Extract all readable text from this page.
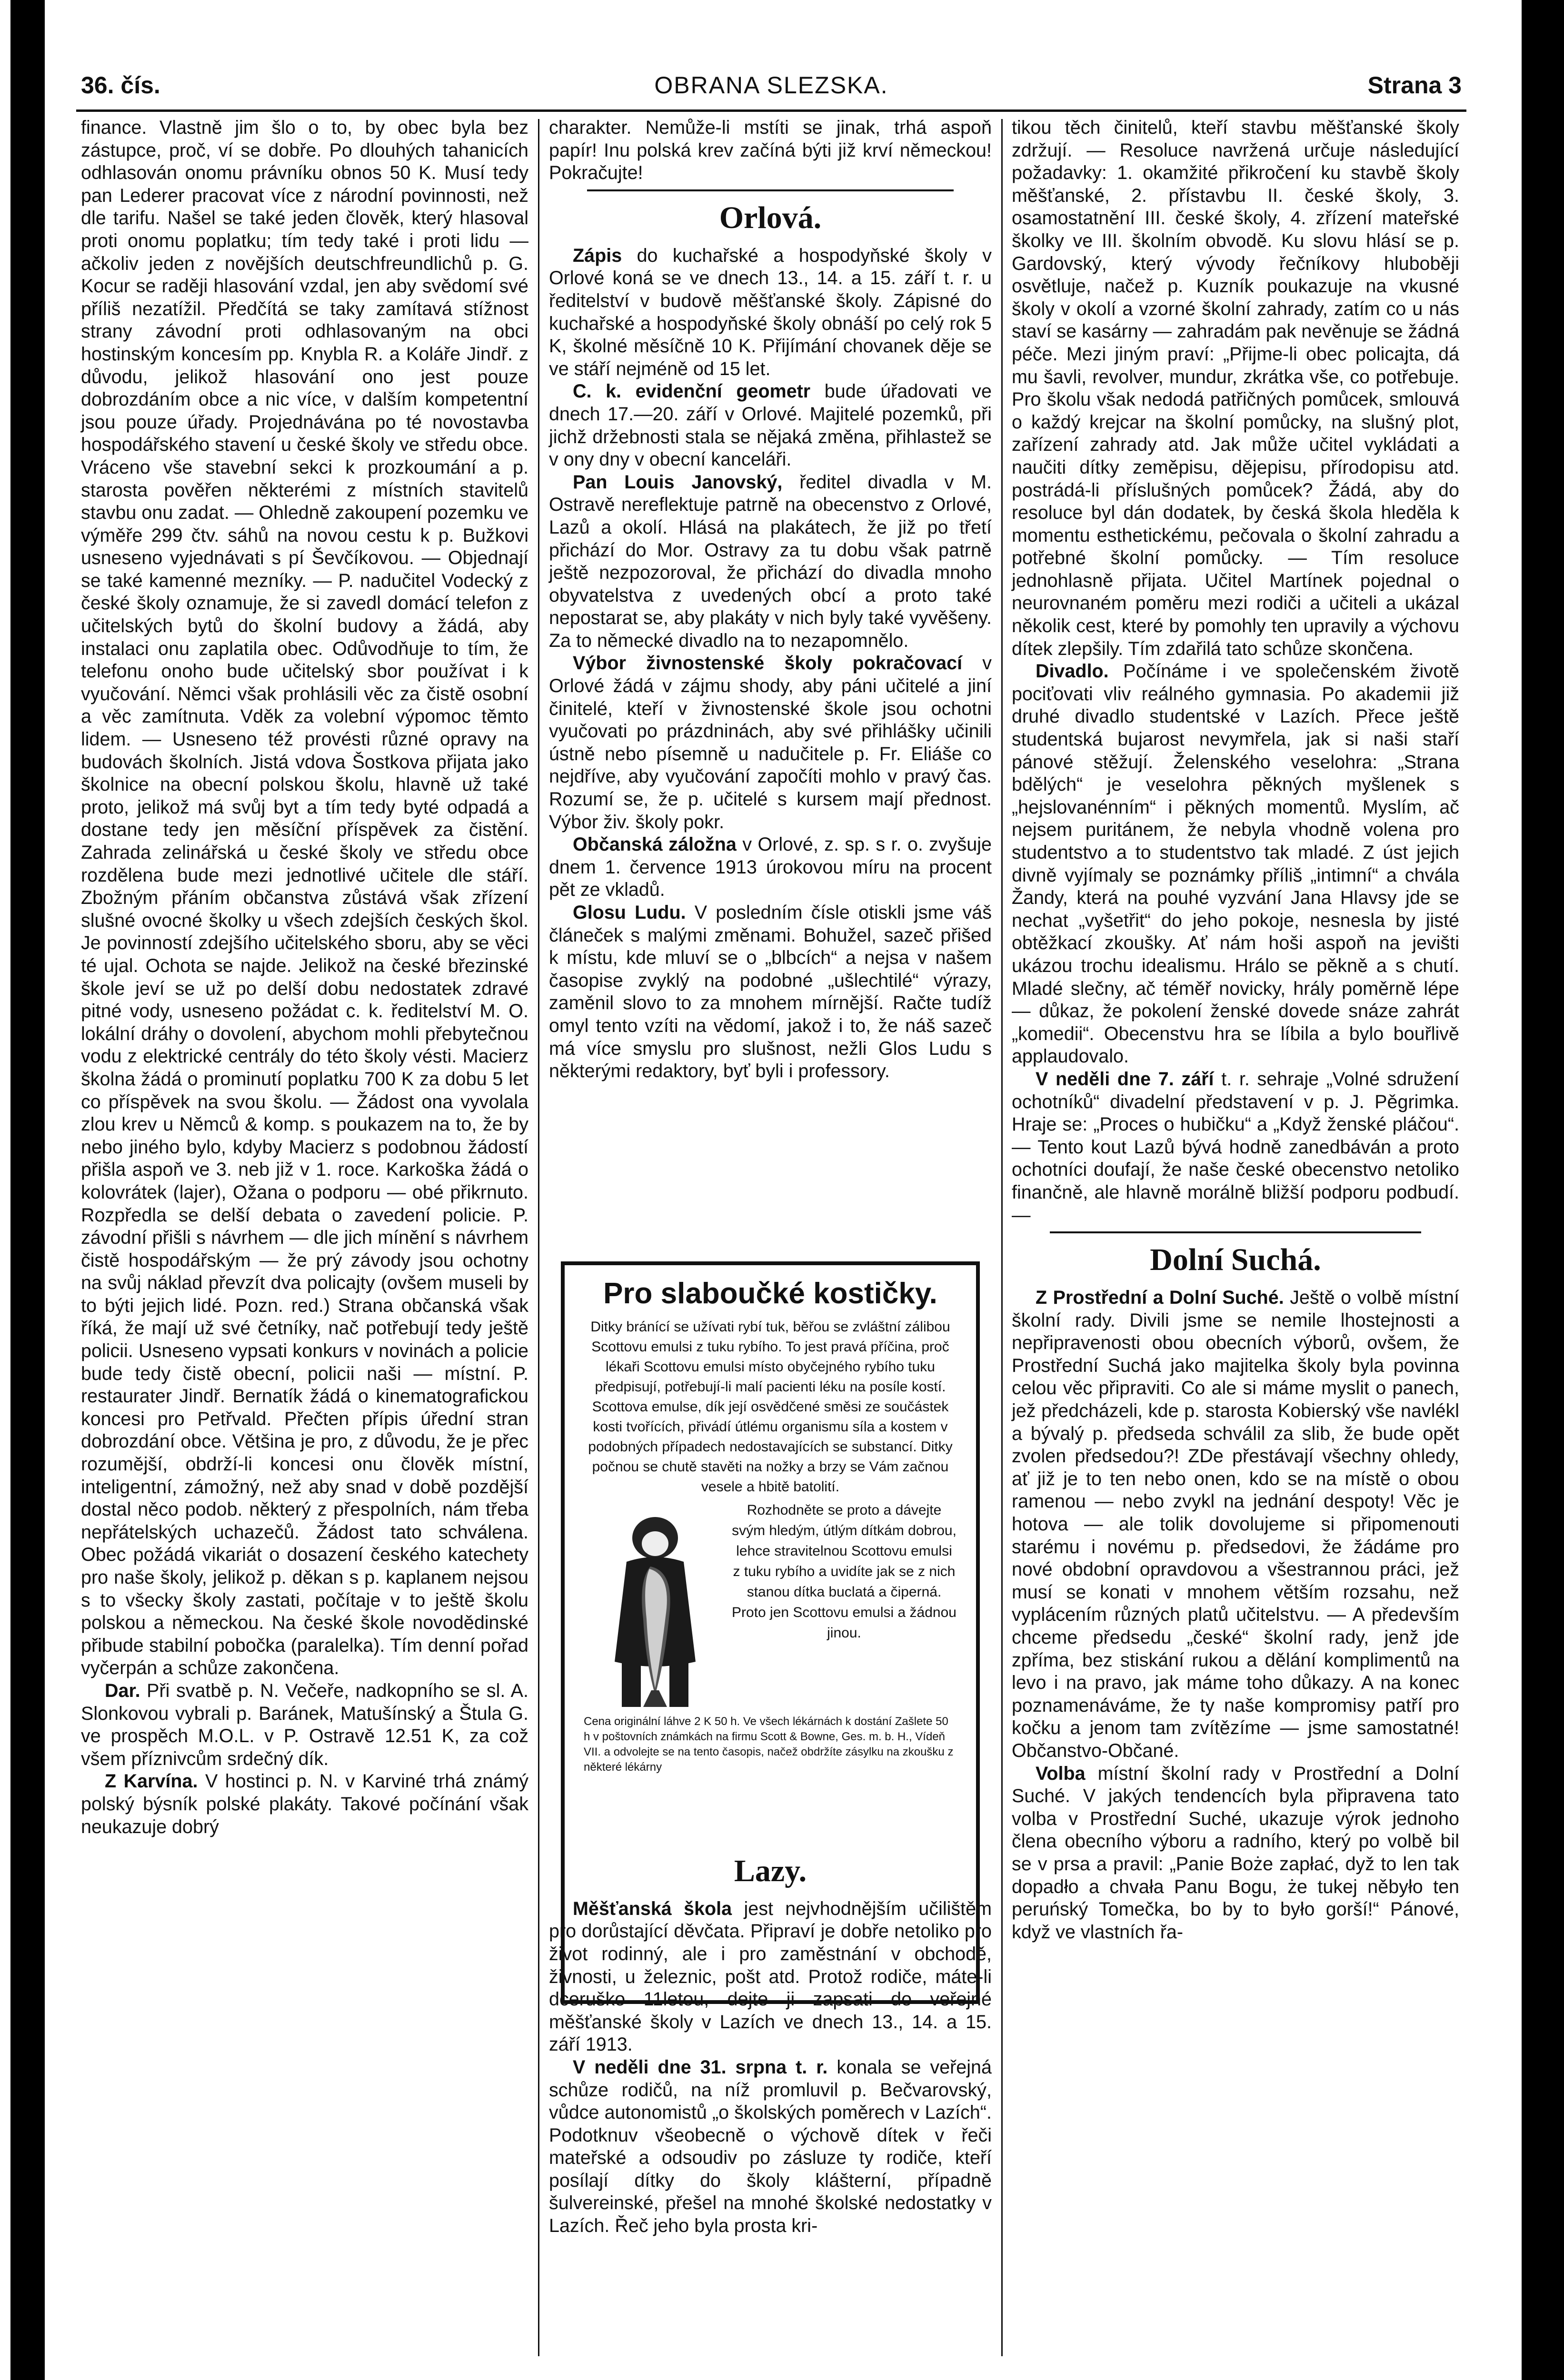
36. čís.	OBRANA SLEZSKA.	Strana 3

finance. Vlastně jim šlo o to, by obec byla bez zástupce, proč, ví se dobře. Po dlouhých tahanicích odhlasován onomu právníku obnos 50 K. Musí tedy pan Lederer pracovat více z národní povinnosti, než dle tarifu. Našel se také jeden člověk, který hlasoval proti onomu poplatku; tím tedy také i proti lidu — ačkoliv jeden z novějších deutschfreundlichů p. G. Kocur se raději hlasování vzdal, jen aby svědomí své příliš nezatížil. Předčítá se taky zamítavá stížnost strany závodní proti odhlasovaným na obci hostinským koncesím pp. Knybla R. a Koláře Jindř. z důvodu, jelikož hlasování ono jest pouze dobrozdáním obce a nic více, v dalším kompetentní jsou pouze úřady. Projednávána po té novostavba hospodářského stavení u české školy ve středu obce. Vráceno vše stavební sekci k prozkoumání a p. starosta pověřen některémi z místních stavitelů stavbu onu zadat. — Ohledně zakoupení pozemku ve výměře 299 čtv. sáhů na novou cestu k p. Bužkovi usneseno vyjednávati s pí Ševčíkovou. — Objednají se také kamenné mezníky. — P. nadučitel Vodecký z české školy oznamuje, že si zavedl domácí telefon z učitelských bytů do školní budovy a žádá, aby instalaci onu zaplatila obec. Odůvodňuje to tím, že telefonu onoho bude učitelský sbor používat i k vyučování. Němci však prohlásili věc za čistě osobní a věc zamítnuta. Vděk za volební výpomoc těmto lidem. — Usneseno též provésti různé opravy na budovách školních. Jistá vdova Šostkova přijata jako školnice na obecní polskou školu, hlavně už také proto, jelikož má svůj byt a tím tedy byté odpadá a dostane tedy jen měsíční příspěvek za čistění. Zahrada zelinářská u české školy ve středu obce rozdělena bude mezi jednotlivé učitele dle stáří. Zbožným přáním občanstva zůstává však zřízení slušné ovocné školky u všech zdejších českých škol. Je povinností zdejšího učitelského sboru, aby se věci té ujal. Ochota se najde. Jelikož na české březinské škole jeví se už po delší dobu nedostatek zdravé pitné vody, usneseno požádat c. k. ředitelství M. O. lokální dráhy o dovolení, abychom mohli přebytečnou vodu z elektrické centrály do této školy vésti. Macierz školna žádá o prominutí poplatku 700 K za dobu 5 let co příspěvek na svou školu. — Žádost ona vyvolala zlou krev u Němců & komp. s poukazem na to, že by nebo jiného bylo, kdyby Macierz s podobnou žádostí přišla aspoň ve 3. neb již v 1. roce. Karkoška žádá o kolovrátek (lajer), Ožana o podporu — obé přikrnuto. Rozpředla se delší debata o zavedení policie. P. závodní přišli s návrhem — dle jich mínění s návrhem čistě hospodářským — že prý závody jsou ochotny na svůj náklad převzít dva policajty (ovšem museli by to býti jejich lidé. Pozn. red.) Strana občanská však říká, že mají už své četníky, nač potřebují tedy ještě policii. Usneseno vypsati konkurs v novinách a policie bude tedy čistě obecní, policii naši — místní. P. restaurater Jindř. Bernatík žádá o kinematografickou koncesi pro Petřvald. Přečten přípis úřední stran dobrozdání obce. Většina je pro, z důvodu, že je přec rozumější, obdrží-li koncesi onu člověk místní, inteligentní, zámožný, než aby snad v době pozdější dostal něco podob. některý z přespolních, nám třeba nepřátelských uchazečů. Žádost tato schválena. Obec požádá vikariát o dosazení českého katechety pro naše školy, jelikož p. děkan s p. kaplanem nejsou s to všecky školy zastati, počítaje v to ještě školu polskou a německou. Na české škole novodědinské přibude stabilní pobočka (paralelka). Tím denní pořad vyčerpán a schůze zakončena.

Dar. Při svatbě p. N. Večeře, nadkopního se sl. A. Slonkovou vybrali p. Baránek, Matušínský a Štula G. ve prospěch M.O.L. v P. Ostravě 12.51 K, za což všem příznivcům srdečný dík.

Z Karvína. V hostinci p. N. v Karviné trhá známý polský býsník polské plakáty. Takové počínání však neukazuje dobrý

charakter. Nemůže-li mstíti se jinak, trhá aspoň papír! Inu polská krev začíná býti již krví německou! Pokračujte!

Orlová.

Zápis do kuchařské a hospodyňské školy v Orlové koná se ve dnech 13., 14. a 15. září t. r. u ředitelství v budově měšťanské školy. Zápisné do kuchařské a hospodyňské školy obnáší po celý rok 5 K, školné měsíčně 10 K. Přijímání chovanek děje se ve stáří nejméně od 15 let.

C. k. evidenční geometr bude úřadovati ve dnech 17.—20. září v Orlové. Majitelé pozemků, při jichž držebnosti stala se nějaká změna, přihlastež se v ony dny v obecní kanceláři.

Pan Louis Janovský, ředitel divadla v M. Ostravě nereflektuje patrně na obecenstvo z Orlové, Lazů a okolí. Hlásá na plakátech, že již po třetí přichází do Mor. Ostravy za tu dobu však patrně ještě nezpozoroval, že přichází do divadla mnoho obyvatelstva z uvedených obcí a proto také nepostarat se, aby plakáty v nich byly také vyvěšeny. Za to německé divadlo na to nezapomnělo.

Výbor živnostenské školy pokračovací v Orlové žádá v zájmu shody, aby páni učitelé a jiní činitelé, kteří v živnostenské škole jsou ochotni vyučovati po prázdninách, aby své přihlášky učinili ústně nebo písemně u nadučitele p. Fr. Eliáše co nejdříve, aby vyučování započíti mohlo v pravý čas. Rozumí se, že p. učitelé s kursem mají přednost. Výbor živ. školy pokr.

Občanská záložna v Orlové, z. sp. s r. o. zvyšuje dnem 1. července 1913 úrokovou míru na procent pět ze vkladů.

Glosu Ludu. V posledním čísle otiskli jsme váš článeček s malými změnami. Bohužel, sazeč přišed k místu, kde mluví se o „blbcích“ a nejsa v našem časopise zvyklý na podobné „ušlechtilé“ výrazy, zaměnil slovo to za mnohem mírnější. Račte tudíž omyl tento vzíti na vědomí, jakož i to, že náš sazeč má více smyslu pro slušnost, nežli Glos Ludu s některými redaktory, byť byli i professory.

Lazy.

Měšťanská škola jest nejvhodnějším učilištěm pro dorůstající děvčata. Připraví je dobře netoliko pro život rodinný, ale i pro zaměstnání v obchodě, živnosti, u železnic, pošt atd. Protož rodiče, máte-li dceruško 11letou, dejte ji zapsati do veřejné měšťanské školy v Lazích ve dnech 13., 14. a 15. září 1913.

V neděli dne 31. srpna t. r. konala se veřejná schůze rodičů, na níž promluvil p. Bečvarovský, vůdce autonomistů „o školských poměrech v Lazích“. Podotknuv všeobecně o výchově dítek v řeči mateřské a odsoudiv po zásluze ty rodiče, kteří posílají dítky do školy klášterní, případně šulvereinské, přešel na mnohé školské nedostatky v Lazích. Řeč jeho byla prosta kri-

Pro slaboučké kostičky.

Ditky bránící se užívati rybí tuk, běřou se zvláštní zálibou Scottovu emulsi z tuku rybího. To jest pravá příčina, proč lékaři Scottovu emulsi místo obyčejného rybího tuku předpisují, potřebují-li malí pacienti léku na posíle kostí. Scottova emulse, dík její osvědčené směsi ze součástek kosti tvořících, přivádí útlému organismu síla a kostem v podobných případech nedostavajících se substancí. Ditky počnou se chutě stavěti na nožky a brzy se Vám začnou vesele a hbitě batolití.

Rozhodněte se proto a dávejte svým hledým, útlým dítkám dobrou, lehce stravitelnou Scottovu emulsi z tuku rybího a uvidíte jak se z nich stanou dítka buclatá a čiperná. Proto jen Scottovu emulsi a žádnou jinou.

Cena originální láhve 2 K 50 h. Ve všech lékárnách k dostání Zašlete 50 h v poštovních známkách na firmu Scott & Bowne, Ges. m. b. H., Vídeň VII. a odvolejte se na tento časopis, načež obdržíte zásylku na zkoušku z některé lékárny

tikou těch činitelů, kteří stavbu měšťanské školy zdržují. — Resoluce navržená určuje následující požadavky: 1. okamžité přikročení ku stavbě školy měšťanské, 2. přístavbu II. české školy, 3. osamostatnění III. české školy, 4. zřízení mateřské školky ve III. školním obvodě. Ku slovu hlásí se p. Gardovský, který vývody řečníkovy hluboběji osvětluje, načež p. Kuzník poukazuje na vkusné školy v okolí a vzorné školní zahrady, zatím co u nás staví se kasárny — zahradám pak nevěnuje se žádná péče. Mezi jiným praví: „Přijme-li obec policajta, dá mu šavli, revolver, mundur, zkrátka vše, co potřebuje. Pro školu však nedodá patřičných pomůcek, smlouvá o každý krejcar na školní pomůcky, na slušný plot, zařízení zahrady atd. Jak může učitel vykládati a naučiti dítky zeměpisu, dějepisu, přírodopisu atd. postrádá-li příslušných pomůcek? Žádá, aby do resoluce byl dán dodatek, by česká škola hleděla k momentu esthetickému, pečovala o školní zahradu a potřebné školní pomůcky. — Tím resoluce jednohlasně přijata. Učitel Martínek pojednal o neurovnaném poměru mezi rodiči a učiteli a ukázal několik cest, které by pomohly ten upravily a výchovu dítek zlepšily. Tím zdařilá tato schůze skončena.

Divadlo. Počínáme i ve společenském životě pociťovati vliv reálného gymnasia. Po akademii již druhé divadlo studentské v Lazích. Přece ještě studentská bujarost nevymřela, jak si naši staří pánové stěžují. Želenského veselohra: „Strana bdělých“ je veselohra pěkných myšlenek s „hejslovanénním“ i pěkných momentů. Myslím, ač nejsem puritánem, že nebyla vhodně volena pro studentstvo a to studentstvo tak mladé. Z úst jejich divně vyjímaly se poznámky příliš „intimní“ a chvála Žandy, která na pouhé vyzvání Jana Hlavsy jde se nechat „vyšetřit“ do jeho pokoje, nesnesla by jisté obtěžkací zkoušky. Ať nám hoši aspoň na jevišti ukázou trochu idealismu. Hrálo se pěkně a s chutí. Mladé slečny, ač téměř novicky, hrály poměrně lépe — důkaz, že pokolení ženské dovede snáze zahrát „komedii“. Obecenstvu hra se líbila a bylo bouřlivě applaudovalo.

V neděli dne 7. září t. r. sehraje „Volné sdružení ochotníků“ divadelní představení v p. J. Pěgrimka. Hraje se: „Proces o hubičku“ a „Když ženské pláčou“. — Tento kout Lazů bývá hodně zanedbáván a proto ochotníci doufají, že naše české obecenstvo netoliko finančně, ale hlavně morálně bližší podporu podbudí. —

Dolní Suchá.

Z Prostřední a Dolní Suché. Ještě o volbě místní školní rady. Divili jsme se nemile lhostejnosti a nepřipravenosti obou obecních výborů, ovšem, že Prostřední Suchá jako majitelka školy byla povinna celou věc připraviti. Co ale si máme myslit o panech, jež předcházeli, kde p. starosta Kobierský vše navlékl a bývalý p. předseda schválil za slib, že bude opět zvolen předsedou?! ZDe přestávají všechny ohledy, ať již je to ten nebo onen, kdo se na místě o obou ramenou — nebo zvykl na jednání despoty! Věc je hotova — ale tolik dovolujeme si připomenouti starému i novému p. předsedovi, že žádáme pro nové obdobní opravdovou a všestrannou práci, jež musí se konati v mnohem větším rozsahu, než vyplácením různých platů učitelstvu. — A především chceme předsedu „české“ školní rady, jenž jde zpříma, bez stiskání rukou a dělání komplimentů na levo i na pravo, jak máme toho důkazy. A na konec poznamenáváme, že ty naše kompromisy patří pro kočku a jenom tam zvítězíme — jsme samostatné! Občanstvo-Občané.

Volba místní školní rady v Prostřední a Dolní Suché. V jakých tendencích byla připravena tato volba v Prostřední Suché, ukazuje výrok jednoho člena obecního výboru a radního, který po volbě bil se v prsa a pravil: „Panie Boże zapłać, dyž to len tak dopadło a chvała Panu Bogu, że tukej něbyło ten peruńský Tomečka, bo by to było gorší!“ Pánové, když ve vlastních řa-
